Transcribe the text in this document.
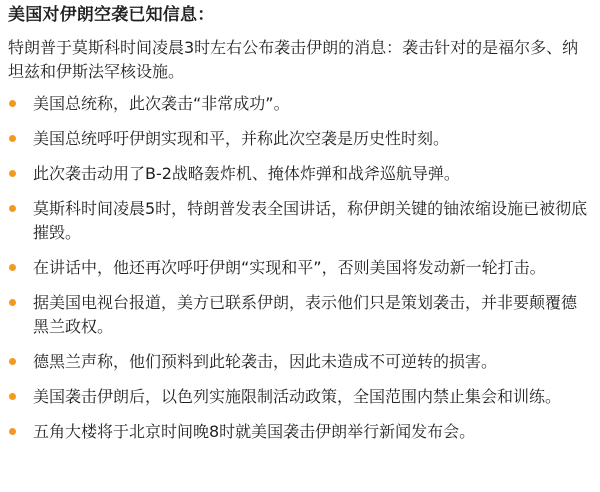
美国对伊朗空袭已知信息：
特朗普于莫斯科时间凌晨3时左右公布袭击伊朗的消息：袭击针对的是福尔多、纳坦兹和伊斯法罕核设施。
美国总统称，此次袭击“非常成功”。
美国总统呼吁伊朗实现和平，并称此次空袭是历史性时刻。
此次袭击动用了B-2战略轰炸机、掩体炸弹和战斧巡航导弹。
莫斯科时间凌晨5时，特朗普发表全国讲话，称伊朗关键的铀浓缩设施已被彻底摧毁。
在讲话中，他还再次呼吁伊朗“实现和平”，否则美国将发动新一轮打击。
据美国电视台报道，美方已联系伊朗，表示他们只是策划袭击，并非要颠覆德黑兰政权。
德黑兰声称，他们预料到此轮袭击，因此未造成不可逆转的损害。
美国袭击伊朗后，以色列实施限制活动政策，全国范围内禁止集会和训练。
五角大楼将于北京时间晚8时就美国袭击伊朗举行新闻发布会。
